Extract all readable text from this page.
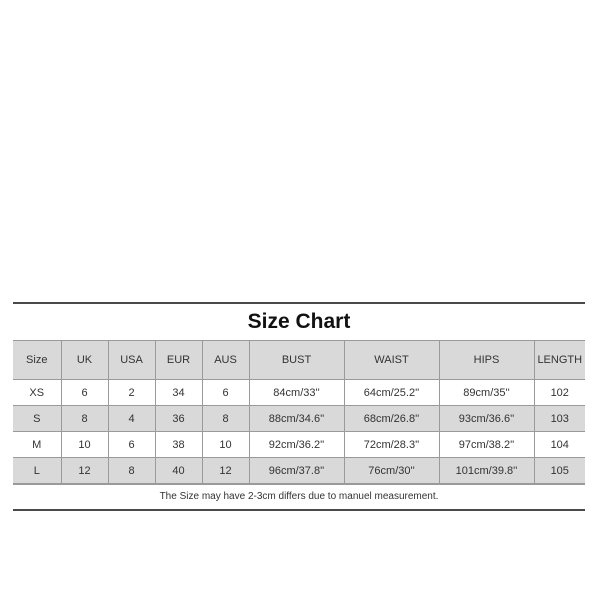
Size Chart
Size	UK	USA	EUR	AUS	BUST	WAIST	HIPS	LENGTH
XS	6	2	34	6	84cm/33''	64cm/25.2''	89cm/35''	102
S	8	4	36	8	88cm/34.6''	68cm/26.8''	93cm/36.6''	103
M	10	6	38	10	92cm/36.2''	72cm/28.3''	97cm/38.2''	104
L	12	8	40	12	96cm/37.8''	76cm/30''	101cm/39.8''	105
The Size may have 2-3cm differs due to manuel measurement.
